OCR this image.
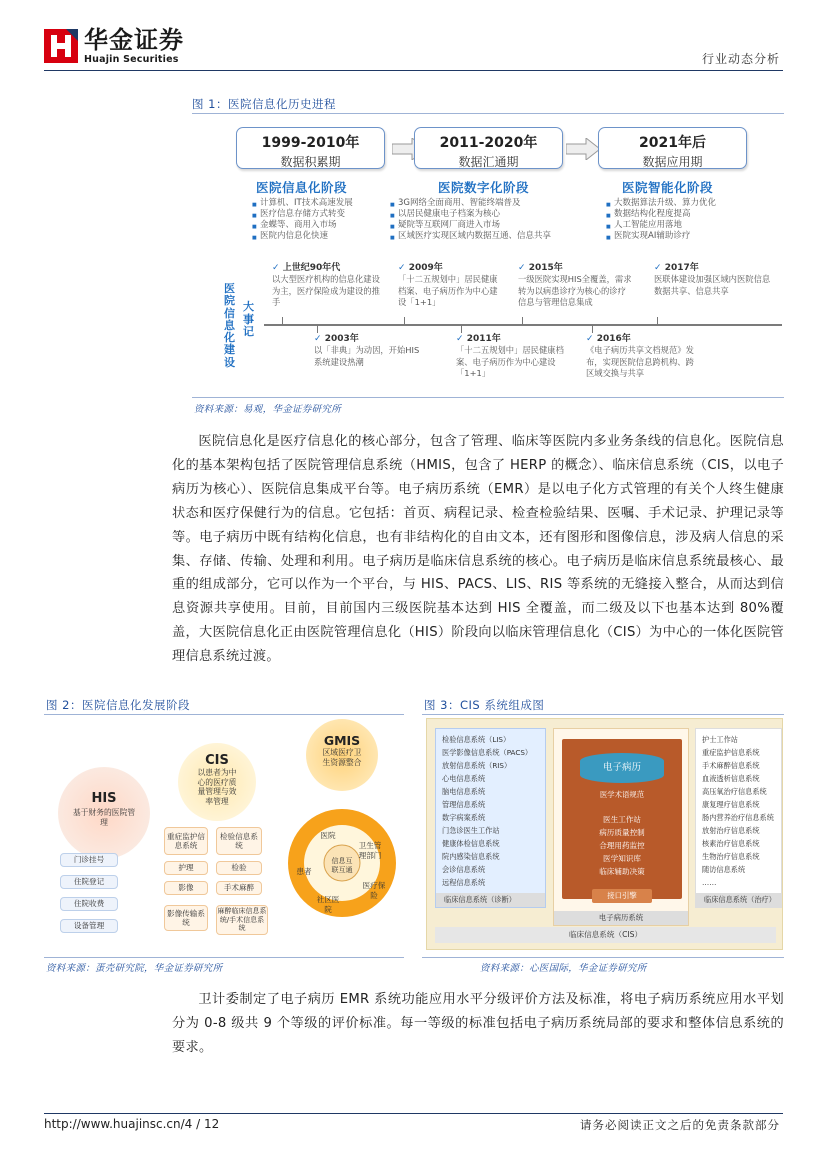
华金证券
Huajin Securities	行业动态分析
图 1：医院信息化历史进程
1999-2010年
数据积累期
2011-2020年
数据汇通期
2021年后
数据应用期
医院信息化阶段
■ 计算机、IT技术高速发展
■ 医疗信息存储方式转变
■ 金蝶等、商用入市场
■ 医院内信息化快速
医院数字化阶段
■ 3G网络全面商用、智能终端普及
■ 以居民健康电子档案为核心
■ 疑院等互联网厂商进入市场
■ 区域医疗实现区域内数据互通、信息共享
医院智能化阶段
■ 大数据算法升级、算力优化
■ 数据结构化程度提高
■ 人工智能应用落地
■ 医院实现AI辅助诊疗
医院信息化建设
大事记
✓ 上世纪90年代
以大型医疗机构的信息化建设为主，医疗保险成为建设的推手
✓ 2009年
「十二五规划中」居民健康档案、电子病历作为中心建设「1+1」
✓ 2015年
一级医院实现HIS全覆盖，需求转为以病患诊疗为核心的诊疗信息与管理信息集成
✓ 2017年
医联体建设加强区域内医院信息数据共享、信息共享
✓ 2003年
以「非典」为动因，开始HIS系统建设热潮
✓ 2011年
「十二五规划中」居民健康档案、电子病历作为中心建设「1+1」
✓ 2016年
《电子病历共享文档规范》发布，实现医院信息跨机构、跨区域交换与共享
资料来源：易观，华金证券研究所

医院信息化是医疗信息化的核心部分，包含了管理、临床等医院内多业务条线的信息化。医院信息化的基本架构包括了医院管理信息系统（HMIS，包含了 HERP 的概念）、临床信息系统（CIS，以电子病历为核心）、医院信息集成平台等。电子病历系统（EMR）是以电子化方式管理的有关个人终生健康状态和医疗保健行为的信息。它包括：首页、病程记录、检查检验结果、医嘱、手术记录、护理记录等等。电子病历中既有结构化信息，也有非结构化的自由文本，还有图形和图像信息，涉及病人信息的采集、存储、传输、处理和利用。电子病历是临床信息系统的核心。电子病历是临床信息系统最核心、最重的组成部分，它可以作为一个平台，与 HIS、PACS、LIS、RIS 等系统的无缝接入整合，从而达到信息资源共享使用。目前，目前国内三级医院基本达到 HIS 全覆盖，而二级及以下也基本达到 80%覆盖，大医院信息化正由医院管理信息化（HIS）阶段向以临床管理信息化（CIS）为中心的一体化医院管理信息系统过渡。

图 2：医院信息化发展阶段
HIS
基于财务的医院管理
门诊挂号
住院登记
住院收费
设备管理
CIS
以患者为中心的医疗质量管理与效率管理
重症监护信息系统
检验信息系统
护理	检验
影像	手术麻醉
影像传输系统
麻醉临床信息系统/手术信息系统
GMIS
区域医疗卫生资源整合
信息互联互通
医院
卫生管理部门
医疗保险
社区医院
患者
资料来源：蛋壳研究院，华金证券研究所
图 3：CIS 系统组成图
检验信息系统（LIS）
医学影像信息系统（PACS）
放射信息系统（RIS）
心电信息系统
脑电信息系统
管理信息系统
数字病案系统
门急诊医生工作站
健康体检信息系统
院内感染信息系统
会诊信息系统
远程信息系统
临床信息系统（诊断）
电子病历
医学术语规范
医生工作站
病历质量控制
合理用药监控
医学知识库
临床辅助决策
接口引擎
电子病历系统
护士工作站
重症监护信息系统
手术麻醉信息系统
血液透析信息系统
高压氧治疗信息系统
康复理疗信息系统
肠内营养治疗信息系统
放射治疗信息系统
核素治疗信息系统
生物治疗信息系统
随访信息系统
……
临床信息系统（治疗）
临床信息系统（CIS）
资料来源：心医国际，华金证券研究所

卫计委制定了电子病历 EMR 系统功能应用水平分级评价方法及标准，将电子病历系统应用水平划分为 0-8 级共 9 个等级的评价标准。每一等级的标准包括电子病历系统局部的要求和整体信息系统的要求。

http://www.huajinsc.cn/4 / 12	请务必阅读正文之后的免责条款部分
